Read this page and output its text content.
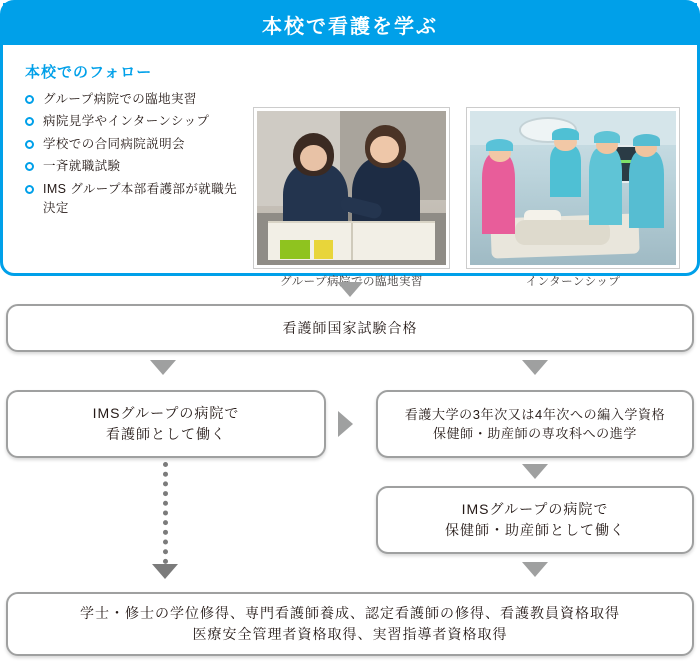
本校で看護を学ぶ
本校でのフォロー
グループ病院での臨地実習
病院見学やインターンシップ
学校での合同病院説明会
一斉就職試験
IMS グループ本部看護部が就職先決定
グループ病院での臨地実習	インターンシップ
看護師国家試験合格
IMSグループの病院で
看護師として働く
看護大学の3年次又は4年次への編入学資格
保健師・助産師の専攻科への進学
IMSグループの病院で
保健師・助産師として働く
学士・修士の学位修得、専門看護師養成、認定看護師の修得、看護教員資格取得
医療安全管理者資格取得、実習指導者資格取得
